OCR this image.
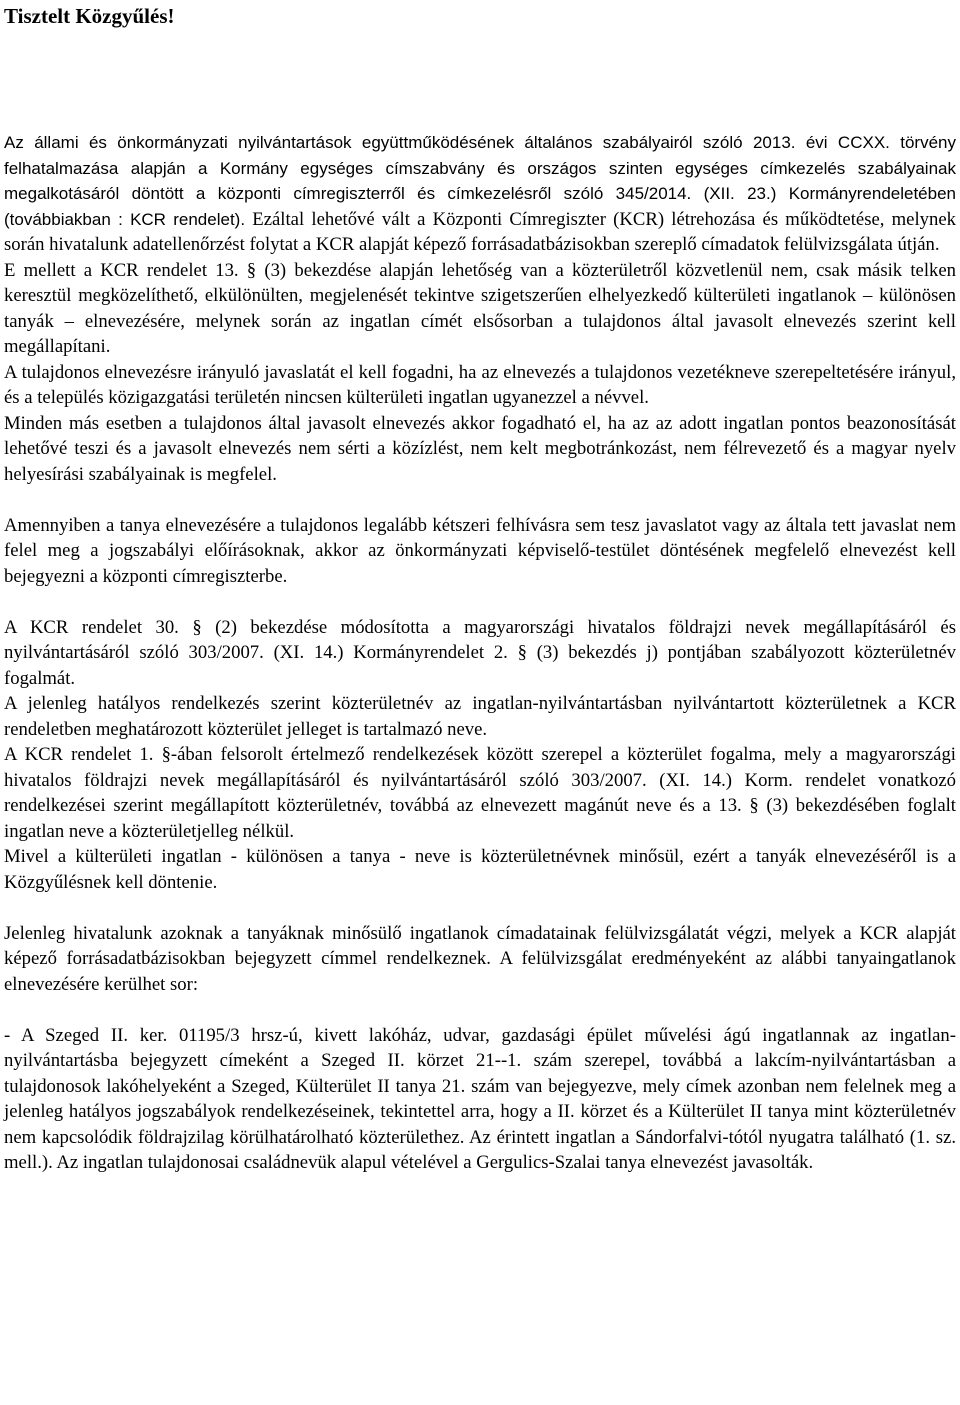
Tisztelt Közgyűlés!

Az állami és önkormányzati nyilvántartások együttműködésének általános szabályairól szóló 2013. évi CCXX. törvény felhatalmazása alapján a Kormány egységes címszabvány és országos szinten egységes címkezelés szabályainak megalkotásáról döntött a központi címregiszterről és címkezelésről szóló 345/2014. (XII. 23.) Kormányrendeletében (továbbiakban : KCR rendelet). Ezáltal lehetővé vált a Központi Címregiszter (KCR) létrehozása és működtetése, melynek során hivatalunk adatellenőrzést folytat a KCR alapját képező forrásadatbázisokban szereplő címadatok felülvizsgálata útján.

E mellett a KCR rendelet 13. § (3) bekezdése alapján lehetőség van a közterületről közvetlenül nem, csak másik telken keresztül megközelíthető, elkülönülten, megjelenését tekintve szigetszerűen elhelyezkedő külterületi ingatlanok – különösen tanyák – elnevezésére, melynek során az ingatlan címét elsősorban a tulajdonos által javasolt elnevezés szerint kell megállapítani.

A tulajdonos elnevezésre irányuló javaslatát el kell fogadni, ha az elnevezés a tulajdonos vezetékneve szerepeltetésére irányul, és a település közigazgatási területén nincsen külterületi ingatlan ugyanezzel a névvel.

Minden más esetben a tulajdonos által javasolt elnevezés akkor fogadható el, ha az az adott ingatlan pontos beazonosítását lehetővé teszi és a javasolt elnevezés nem sérti a közízlést, nem kelt megbotránkozást, nem félrevezető és a magyar nyelv helyesírási szabályainak is megfelel.

Amennyiben a tanya elnevezésére a tulajdonos legalább kétszeri felhívásra sem tesz javaslatot vagy az általa tett javaslat nem felel meg a jogszabályi előírásoknak, akkor az önkormányzati képviselő-testület döntésének megfelelő elnevezést kell bejegyezni a központi címregiszterbe.

A KCR rendelet 30. § (2) bekezdése módosította a magyarországi hivatalos földrajzi nevek megállapításáról és nyilvántartásáról szóló 303/2007. (XI. 14.) Kormányrendelet 2. § (3) bekezdés j) pontjában szabályozott közterületnév fogalmát.

A jelenleg hatályos rendelkezés szerint közterületnév az ingatlan-nyilvántartásban nyilvántartott közterületnek a KCR rendeletben meghatározott közterület jelleget is tartalmazó neve.

A KCR rendelet 1. §-ában felsorolt értelmező rendelkezések között szerepel a közterület fogalma, mely a magyarországi hivatalos földrajzi nevek megállapításáról és nyilvántartásáról szóló 303/2007. (XI. 14.) Korm. rendelet vonatkozó rendelkezései szerint megállapított közterületnév, továbbá az elnevezett magánút neve és a 13. § (3) bekezdésében foglalt ingatlan neve a közterületjelleg nélkül.

Mivel a külterületi ingatlan - különösen a tanya - neve is közterületnévnek minősül, ezért a tanyák elnevezéséről is a Közgyűlésnek kell döntenie.

Jelenleg hivatalunk azoknak a tanyáknak minősülő ingatlanok címadatainak felülvizsgálatát végzi, melyek a KCR alapját képező forrásadatbázisokban bejegyzett címmel rendelkeznek. A felülvizsgálat eredményeként az alábbi tanyaingatlanok elnevezésére kerülhet sor:

- A Szeged II. ker. 01195/3 hrsz-ú, kivett lakóház, udvar, gazdasági épület művelési ágú ingatlannak az ingatlan-nyilvántartásba bejegyzett címeként a Szeged II. körzet 21--1. szám szerepel, továbbá a lakcím-nyilvántartásban a tulajdonosok lakóhelyeként a Szeged, Külterület II tanya 21. szám van bejegyezve, mely címek azonban nem felelnek meg a jelenleg hatályos jogszabályok rendelkezéseinek, tekintettel arra, hogy a II. körzet és a Külterület II tanya mint közterületnév nem kapcsolódik földrajzilag körülhatárolható közterülethez. Az érintett ingatlan a Sándorfalvi-tótól nyugatra található (1. sz. mell.). Az ingatlan tulajdonosai családnevük alapul vételével a Gergulics-Szalai tanya elnevezést javasolták.
